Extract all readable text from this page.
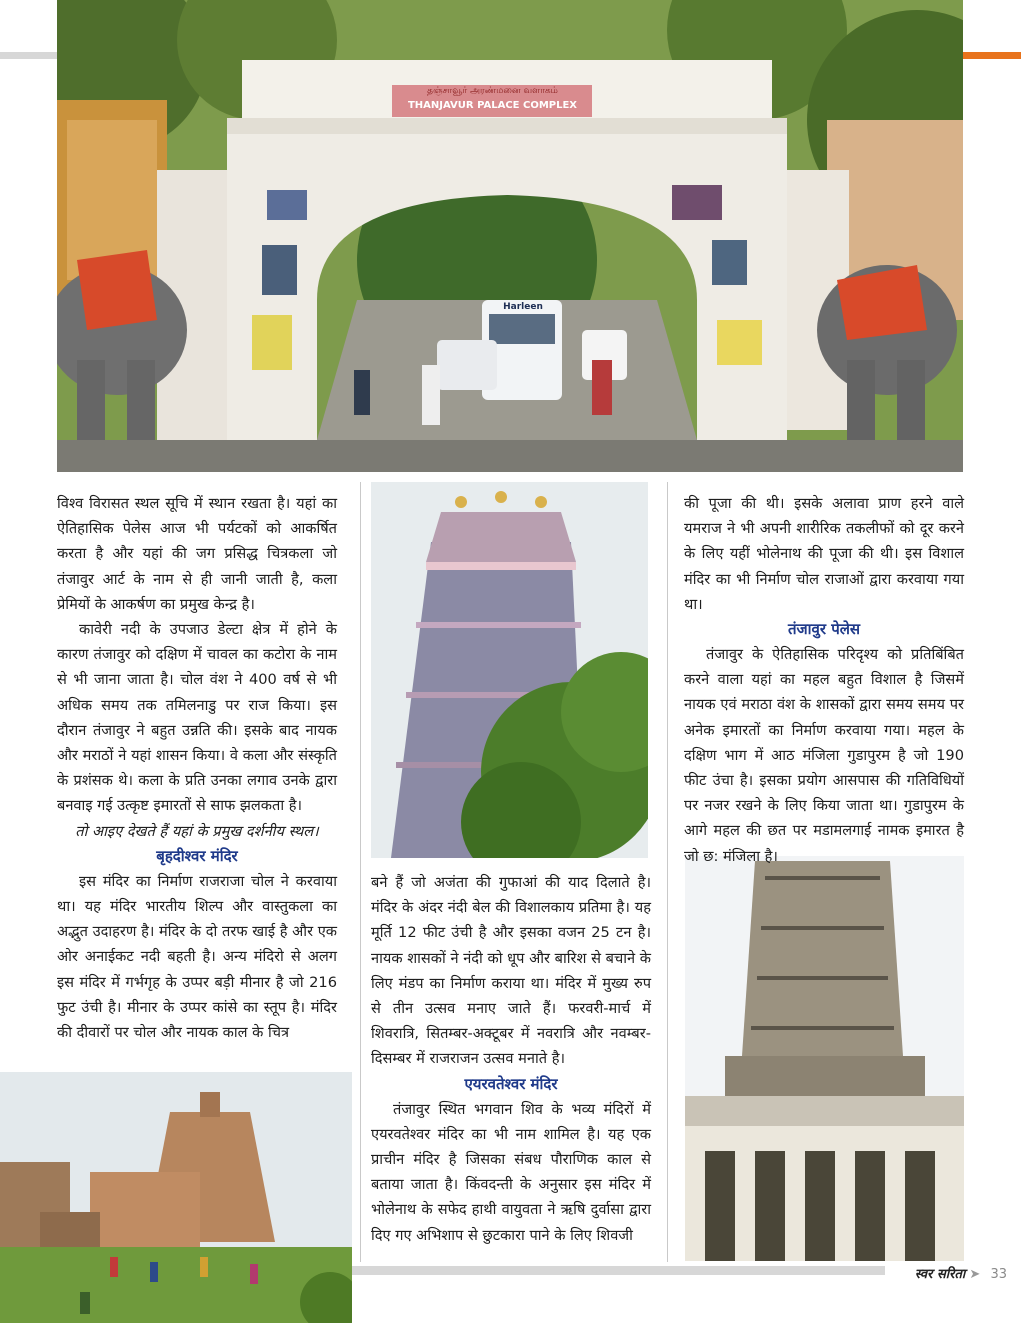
தஞ்சாவூர் அரண்மனை வளாகம்
THANJAVUR PALACE COMPLEX
Harleen

विश्व विरासत स्थल सूचि में स्थान रखता है। यहां का ऐतिहासिक पेलेस आज भी पर्यटकों को आकर्षित करता है और यहां की जग प्रसिद्ध चित्रकला जो तंजावुर आर्ट के नाम से ही जानी जाती है, कला प्रेमियों के आकर्षण का प्रमुख केन्द्र है।

कावेरी नदी के उपजाउ डेल्टा क्षेत्र में होने के कारण तंजावुर को दक्षिण में चावल का कटोरा के नाम से भी जाना जाता है। चोल वंश ने 400 वर्ष से भी अधिक समय तक तमिलनाडु पर राज किया। इस दौरान तंजावुर ने बहुत उन्नति की। इसके बाद नायक और मराठों ने यहां शासन किया। वे कला और संस्कृति के प्रशंसक थे। कला के प्रति उनका लगाव उनके द्वारा बनवाइ गई उत्कृष्ट इमारतों से साफ झलकता है।

तो आइए देखते हैं यहां के प्रमुख दर्शनीय स्थल।

बृहदीश्वर मंदिर

इस मंदिर का निर्माण राजराजा चोल ने करवाया था। यह मंदिर भारतीय शिल्प और वास्तुकला का अद्भुत उदाहरण है। मंदिर के दो तरफ खाई है और एक ओर अनाईकट नदी बहती है। अन्य मंदिरो से अलग इस मंदिर में गर्भगृह के उप्पर बड़ी मीनार है जो 216 फुट उंची है। मीनार के उप्पर कांसे का स्तूप है। मंदिर की दीवारों पर चोल और नायक काल के चित्र

बने हैं जो अजंता की गुफाआं की याद दिलाते है। मंदिर के अंदर नंदी बेल की विशालकाय प्रतिमा है। यह मूर्ति 12 फीट उंची है और इसका वजन 25 टन है। नायक शासकों ने नंदी को धूप और बारिश से बचाने के लिए मंडप का निर्माण कराया था। मंदिर में मुख्य रुप से तीन उत्सव मनाए जाते हैं। फरवरी-मार्च में शिवरात्रि, सितम्बर-अक्टूबर में नवरात्रि और नवम्बर-दिसम्बर में राजराजन उत्सव मनाते है।

एयरवतेश्वर मंदिर

तंजावुर स्थित भगवान शिव के भव्य मंदिरों में एयरवतेश्वर मंदिर का भी नाम शामिल है। यह एक प्राचीन मंदिर है जिसका संबध पौराणिक काल से बताया जाता है। किंवदन्ती के अनुसार इस मंदिर में भोलेनाथ के सफेद हाथी वायुवता ने ऋषि दुर्वासा द्वारा दिए गए अभिशाप से छुटकारा पाने के लिए शिवजी

की पूजा की थी। इसके अलावा प्राण हरने वाले यमराज ने भी अपनी शारीरिक तकलीफों को दूर करने के लिए यहीं भोलेनाथ की पूजा की थी। इस विशाल मंदिर का भी निर्माण चोल राजाओं द्वारा करवाया गया था।

तंजावुर पेलेस

तंजावुर के ऐतिहासिक परिदृश्य को प्रतिबिंबित करने वाला यहां का महल बहुत विशाल है जिसमें नायक एवं मराठा वंश के शासकों द्वारा समय समय पर अनेक इमारतों का निर्माण करवाया गया। महल के दक्षिण भाग में आठ मंजिला गुडापुरम है जो 190 फीट उंचा है। इसका प्रयोग आसपास की गतिविधियों पर नजर रखने के लिए किया जाता था। गुडापुरम के आगे महल की छत पर मडामलगाई नामक इमारत है जो छ: मंजिला है।

स्वर सरिता ➤ 33
